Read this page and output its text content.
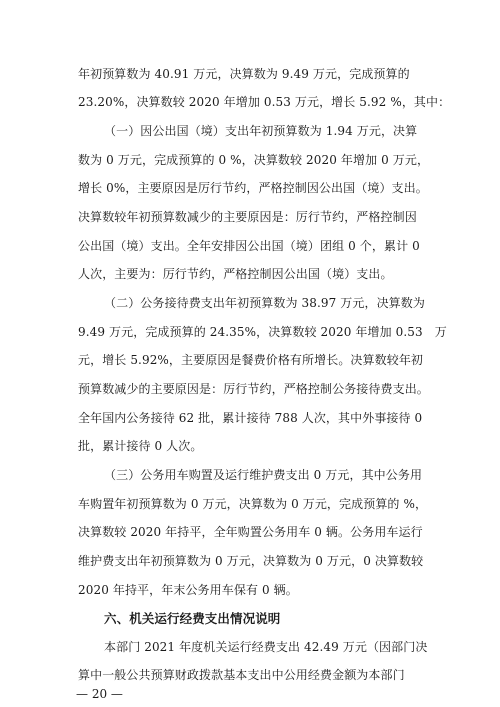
年初预算数为 40.91 万元，决算数为 9.49 万元，完成预算的
23.20%，决算数较 2020 年增加 0.53 万元，增长 5.92 %，其中：
（一）因公出国（境）支出年初预算数为 1.94 万元，决算
数为 0 万元，完成预算的 0 %，决算数较 2020 年增加 0 万元，
增长 0%，主要原因是厉行节约，严格控制因公出国（境）支出。
决算数较年初预算数减少的主要原因是：厉行节约，严格控制因
公出国（境）支出。全年安排因公出国（境）团组 0 个，累计 0
人次，主要为：厉行节约，严格控制因公出国（境）支出。
（二）公务接待费支出年初预算数为 38.97 万元，决算数为
9.49 万元，完成预算的 24.35%，决算数较 2020 年增加 0.53　万
元，增长 5.92%，主要原因是餐费价格有所增长。决算数较年初
预算数减少的主要原因是：厉行节约，严格控制公务接待费支出。
全年国内公务接待 62 批，累计接待 788 人次，其中外事接待 0
批，累计接待 0 人次。
（三）公务用车购置及运行维护费支出 0 万元，其中公务用
车购置年初预算数为 0 万元，决算数为 0 万元，完成预算的 %，
决算数较 2020 年持平，全年购置公务用车 0 辆。公务用车运行
维护费支出年初预算数为 0 万元，决算数为 0 万元，0 决算数较
2020 年持平，年末公务用车保有 0 辆。
六、机关运行经费支出情况说明
本部门 2021 年度机关运行经费支出 42.49 万元（因部门决
算中一般公共预算财政拨款基本支出中公用经费金额为本部门
— 20 —
